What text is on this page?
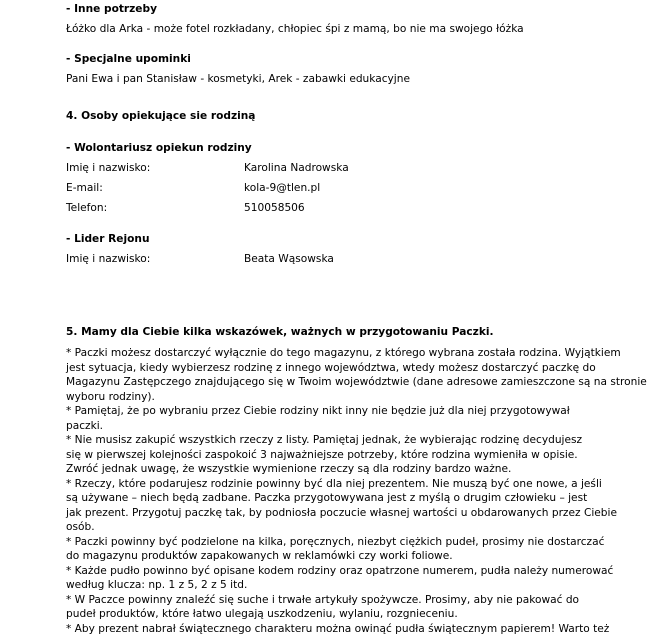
- Inne potrzeby
Łóżko dla Arka - może fotel rozkładany, chłopiec śpi z mamą, bo nie ma swojego łóżka
- Specjalne upominki
Pani Ewa i pan Stanisław - kosmetyki, Arek - zabawki edukacyjne
4. Osoby opiekujące sie rodziną
- Wolontariusz opiekun rodziny
Imię i nazwisko:	Karolina Nadrowska
E-mail:	kola-9@tlen.pl
Telefon:	510058506
- Lider Rejonu
Imię i nazwisko:	Beata Wąsowska
5. Mamy dla Ciebie kilka wskazówek, ważnych w przygotowaniu Paczki.
* Paczki możesz dostarczyć wyłącznie do tego magazynu, z którego wybrana została rodzina. Wyjątkiem
jest sytuacja, kiedy wybierzesz rodzinę z innego województwa, wtedy możesz dostarczyć paczkę do
Magazynu Zastępczego znajdującego się w Twoim województwie (dane adresowe zamieszczone są na stronie
wyboru rodziny).
* Pamiętaj, że po wybraniu przez Ciebie rodziny nikt inny nie będzie już dla niej przygotowywał
paczki.
* Nie musisz zakupić wszystkich rzeczy z listy. Pamiętaj jednak, że wybierając rodzinę decydujesz
się w pierwszej kolejności zaspokoić 3 najważniejsze potrzeby, które rodzina wymieniła w opisie.
Zwróć jednak uwagę, że wszystkie wymienione rzeczy są dla rodziny bardzo ważne.
* Rzeczy, które podarujesz rodzinie powinny być dla niej prezentem. Nie muszą być one nowe, a jeśli
są używane – niech będą zadbane. Paczka przygotowywana jest z myślą o drugim człowieku – jest
jak prezent. Przygotuj paczkę tak, by podniosła poczucie własnej wartości u obdarowanych przez Ciebie
osób.
* Paczki powinny być podzielone na kilka, poręcznych, niezbyt ciężkich pudeł, prosimy nie dostarczać
do magazynu produktów zapakowanych w reklamówki czy worki foliowe.
* Każde pudło powinno być opisane kodem rodziny oraz opatrzone numerem, pudła należy numerować
według klucza: np. 1 z 5, 2 z 5 itd.
* W Paczce powinny znaleźć się suche i trwałe artykuły spożywcze. Prosimy, aby nie pakować do
pudeł produktów, które łatwo ulegają uszkodzeniu, wylaniu, rozgnieceniu.
* Aby prezent nabrał świątecznego charakteru można owinąć pudła świątecznym papierem! Warto też
